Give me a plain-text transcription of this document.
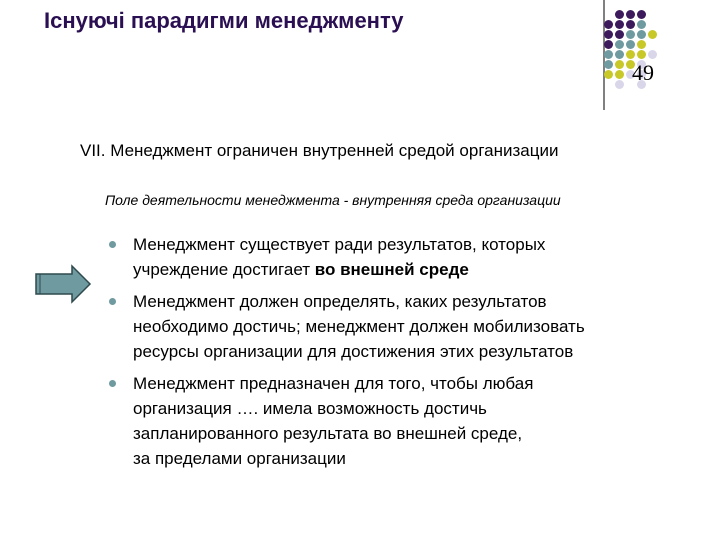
Існуючі парадигми менеджменту
49
VII. Менеджмент ограничен внутренней средой организации
Поле деятельности менеджмента - внутренняя среда организации
Менеджмент существует ради результатов, которых
учреждение достигает во внешней среде
Менеджмент должен определять, каких результатов
необходимо достичь; менеджмент должен мобилизовать
ресурсы организации для достижения этих результатов
Менеджмент предназначен для того, чтобы любая
организация …. имела возможность достичь
запланированного результата во внешней среде,
за пределами организации
